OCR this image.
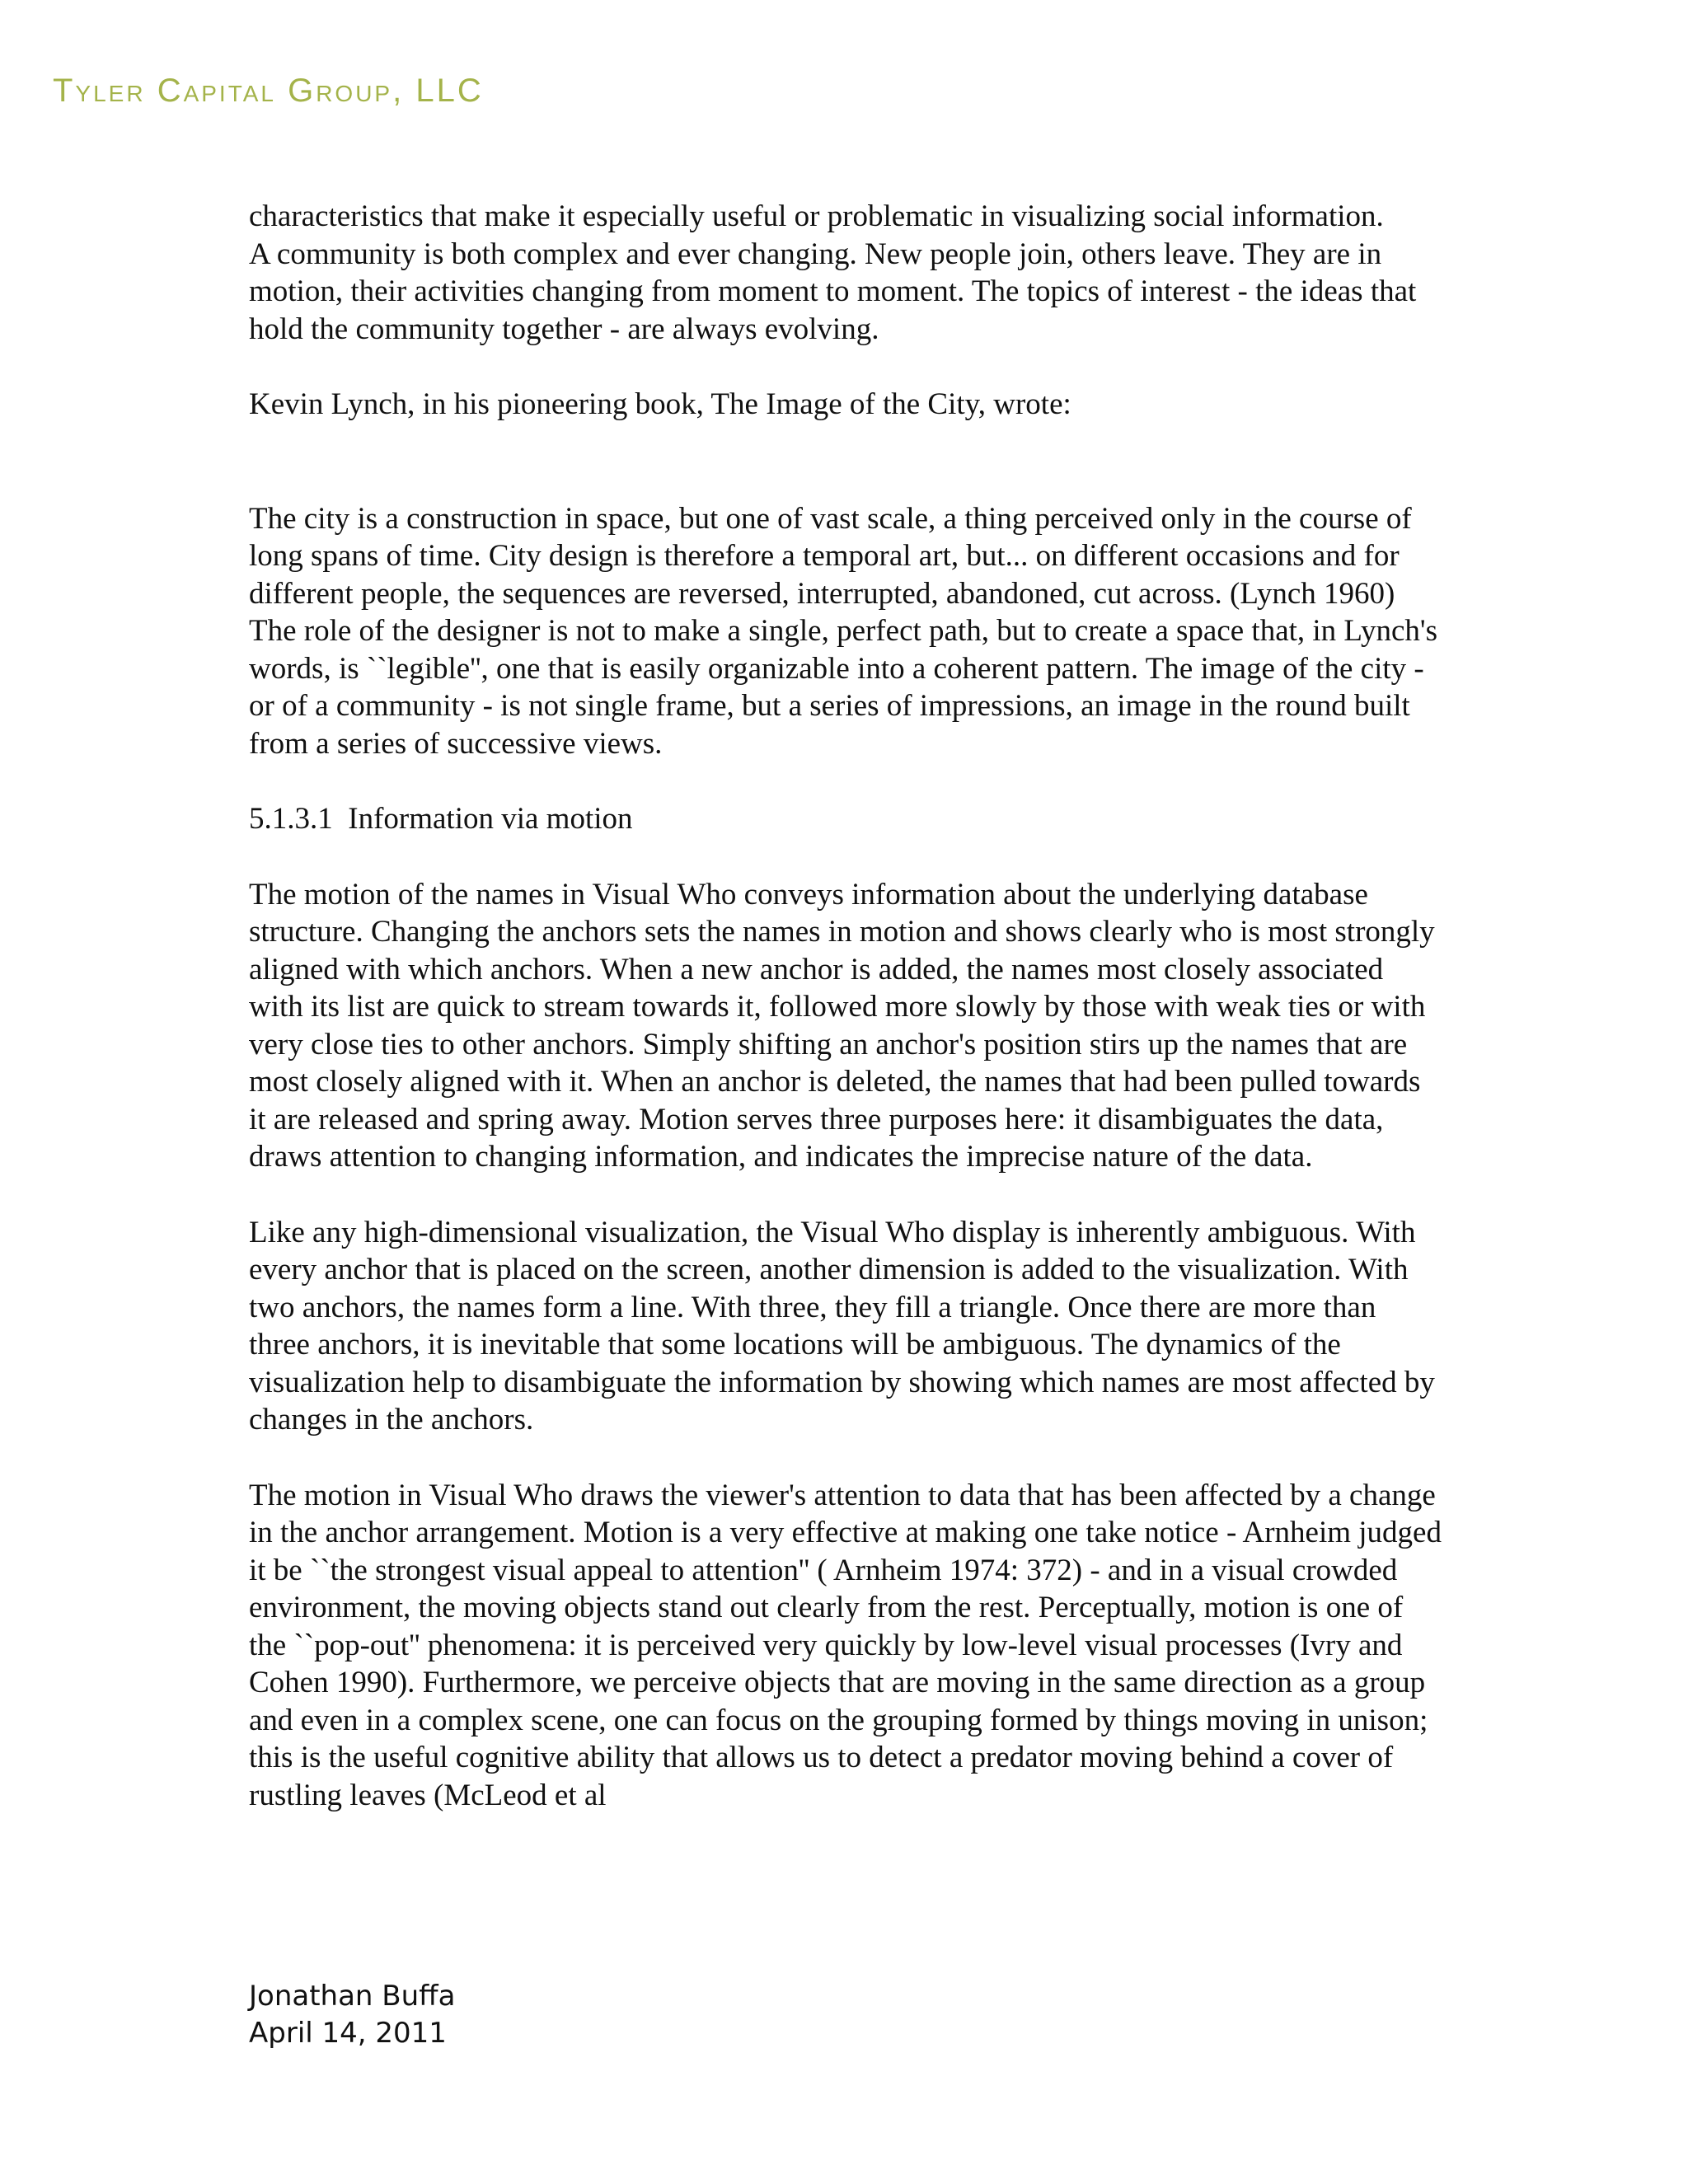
Tyler Capital Group, LLC

characteristics that make it especially useful or problematic in visualizing social information.

A community is both complex and ever changing. New people join, others leave. They are in motion, their activities changing from moment to moment. The topics of interest - the ideas that hold the community together - are always evolving.

Kevin Lynch, in his pioneering book, The Image of the City, wrote:

The city is a construction in space, but one of vast scale, a thing perceived only in the course of long spans of time. City design is therefore a temporal art, but... on different occasions and for different people, the sequences are reversed, interrupted, abandoned, cut across. (Lynch 1960)

The role of the designer is not to make a single, perfect path, but to create a space that, in Lynch's words, is ``legible'', one that is easily organizable into a coherent pattern. The image of the city - or of a community - is not single frame, but a series of impressions, an image in the round built from a series of successive views.

5.1.3.1  Information via motion

The motion of the names in Visual Who conveys information about the underlying database structure. Changing the anchors sets the names in motion and shows clearly who is most strongly aligned with which anchors. When a new anchor is added, the names most closely associated with its list are quick to stream towards it, followed more slowly by those with weak ties or with very close ties to other anchors. Simply shifting an anchor's position stirs up the names that are most closely aligned with it. When an anchor is deleted, the names that had been pulled towards it are released and spring away. Motion serves three purposes here: it disambiguates the data, draws attention to changing information, and indicates the imprecise nature of the data.

Like any high-dimensional visualization, the Visual Who display is inherently ambiguous. With every anchor that is placed on the screen, another dimension is added to the visualization. With two anchors, the names form a line. With three, they fill a triangle. Once there are more than three anchors, it is inevitable that some locations will be ambiguous. The dynamics of the visualization help to disambiguate the information by showing which names are most affected by changes in the anchors.

The motion in Visual Who draws the viewer's attention to data that has been affected by a change in the anchor arrangement. Motion is a very effective at making one take notice - Arnheim judged it be ``the strongest visual appeal to attention'' ( Arnheim 1974: 372) - and in a visual crowded environment, the moving objects stand out clearly from the rest. Perceptually, motion is one of the ``pop-out'' phenomena: it is perceived very quickly by low-level visual processes (Ivry and Cohen 1990). Furthermore, we perceive objects that are moving in the same direction as a group and even in a complex scene, one can focus on the grouping formed by things moving in unison; this is the useful cognitive ability that allows us to detect a predator moving behind a cover of rustling leaves (McLeod et al

Jonathan Buffa
April 14, 2011
